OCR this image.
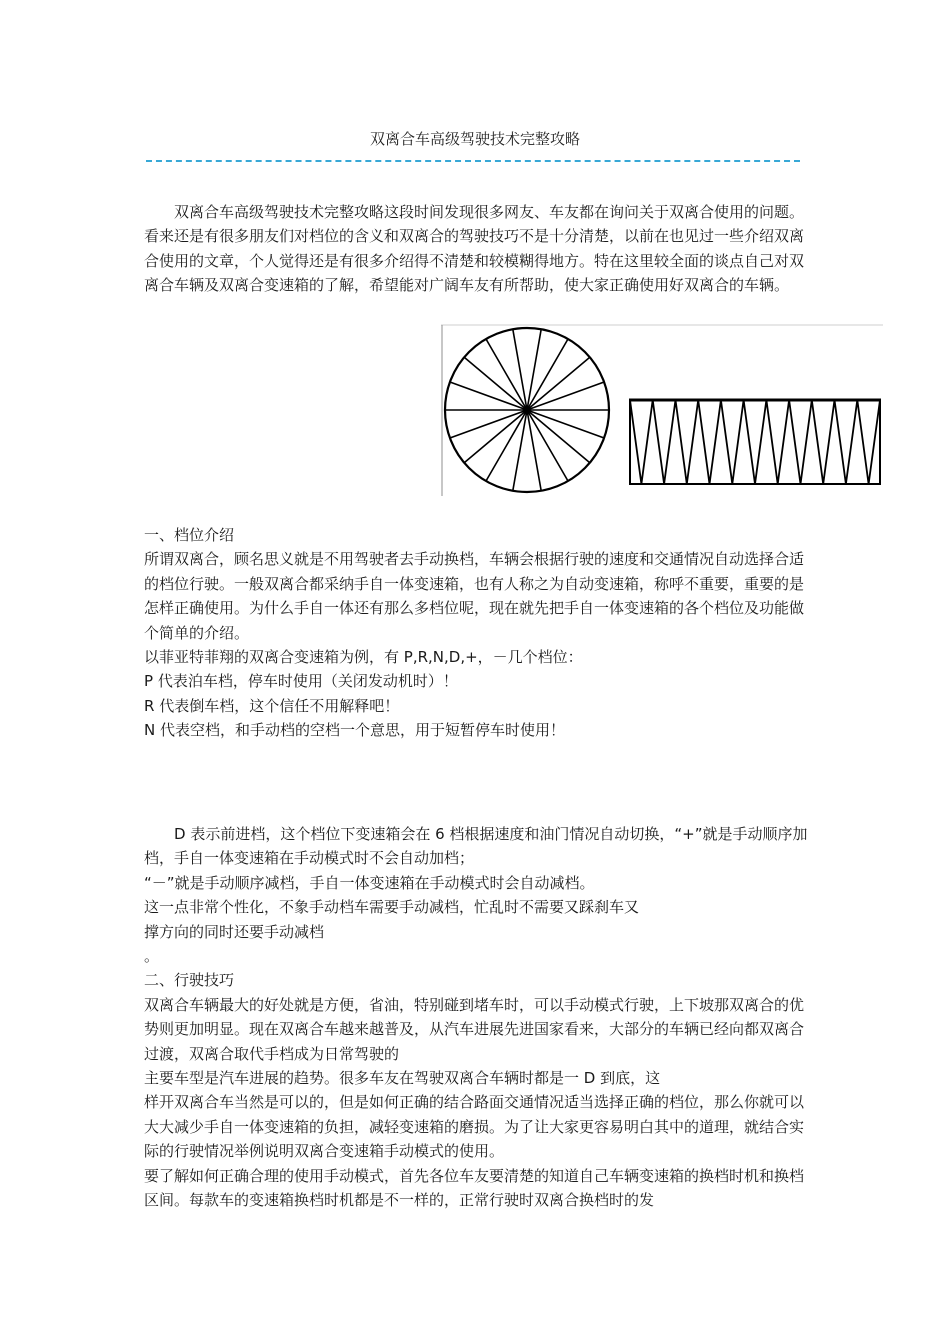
双离合车高级驾驶技术完整攻略

双离合车高级驾驶技术完整攻略这段时间发现很多网友、车友都在询问关于双离合使用的问题。看来还是有很多朋友们对档位的含义和双离合的驾驶技巧不是十分清楚，以前在也见过一些介绍双离合使用的文章，个人觉得还是有很多介绍得不清楚和较模糊得地方。特在这里较全面的谈点自己对双离合车辆及双离合变速箱的了解，希望能对广阔车友有所帮助，使大家正确使用好双离合的车辆。

一、档位介绍

所谓双离合，顾名思义就是不用驾驶者去手动换档，车辆会根据行驶的速度和交通情况自动选择合适的档位行驶。一般双离合都采纳手自一体变速箱，也有人称之为自动变速箱，称呼不重要，重要的是怎样正确使用。为什么手自一体还有那么多档位呢，现在就先把手自一体变速箱的各个档位及功能做个简单的介绍。

以菲亚特菲翔的双离合变速箱为例，有 P,R,N,D,+，－几个档位：
P 代表泊车档，停车时使用（关闭发动机时）！
R 代表倒车档，这个信任不用解释吧！
N 代表空档，和手动档的空档一个意思，用于短暂停车时使用！

D 表示前进档，这个档位下变速箱会在 6 档根据速度和油门情况自动切换，“+”就是手动顺序加档，手自一体变速箱在手动模式时不会自动加档；

“－”就是手动顺序减档，手自一体变速箱在手动模式时会自动减档。
这一点非常个性化，不象手动档车需要手动减档，忙乱时不需要又踩刹车又
撑方向的同时还要手动减档
。
二、行驶技巧

双离合车辆最大的好处就是方便，省油，特别碰到堵车时，可以手动模式行驶，上下坡那双离合的优势则更加明显。现在双离合车越来越普及，从汽车进展先进国家看来，大部分的车辆已经向都双离合过渡，双离合取代手档成为日常驾驶的

主要车型是汽车进展的趋势。很多车友在驾驶双离合车辆时都是一 D 到底，这

样开双离合车当然是可以的，但是如何正确的结合路面交通情况适当选择正确的档位，那么你就可以大大减少手自一体变速箱的负担，减轻变速箱的磨损。为了让大家更容易明白其中的道理，就结合实际的行驶情况举例说明双离合变速箱手动模式的使用。

要了解如何正确合理的使用手动模式，首先各位车友要清楚的知道自己车辆变速箱的换档时机和换档区间。每款车的变速箱换档时机都是不一样的，正常行驶时双离合换档时的发
